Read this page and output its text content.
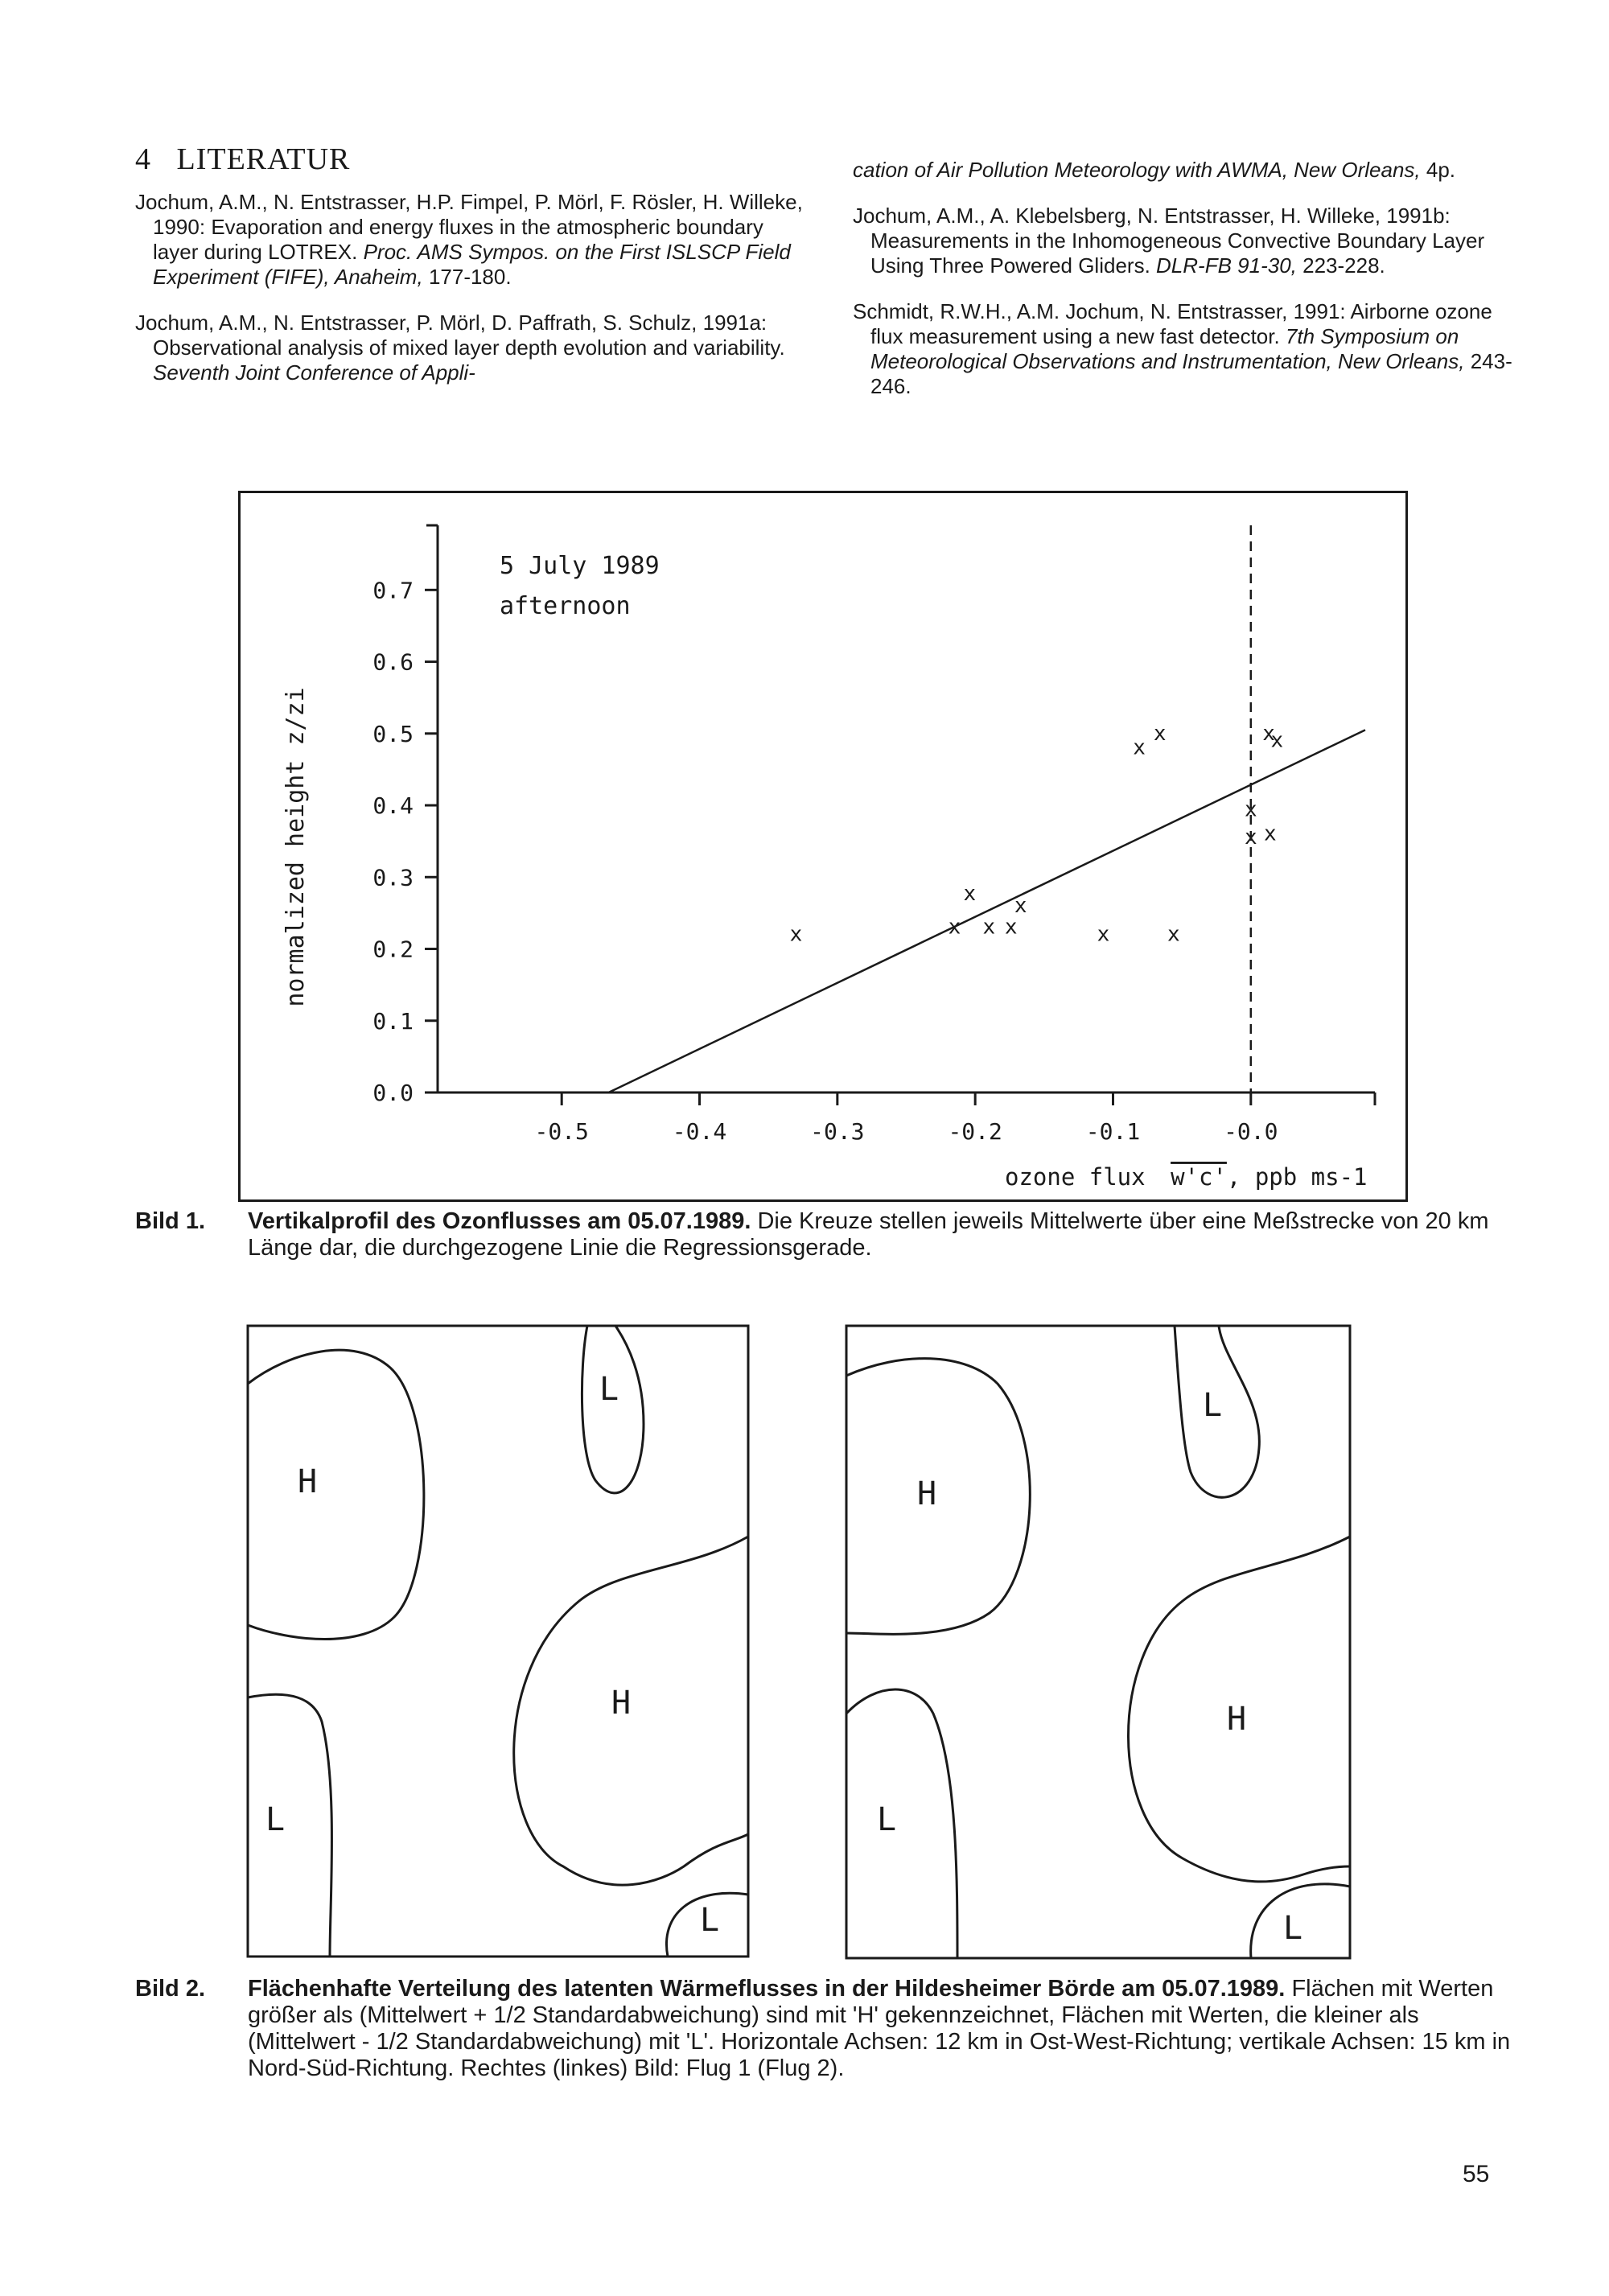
4 LITERATUR

Jochum, A.M., N. Entstrasser, H.P. Fimpel, P. Mörl, F. Rösler, H. Willeke, 1990: Evaporation and energy fluxes in the atmospheric boundary layer during LOTREX. Proc. AMS Sympos. on the First ISLSCP Field Experiment (FIFE), Anaheim, 177-180.

Jochum, A.M., N. Entstrasser, P. Mörl, D. Paffrath, S. Schulz, 1991a: Observational analysis of mixed layer depth evolution and variability. Seventh Joint Conference of Appli-

cation of Air Pollution Meteorology with AWMA, New Orleans, 4p.

Jochum, A.M., A. Klebelsberg, N. Entstrasser, H. Willeke, 1991b: Measurements in the Inhomogeneous Convective Boundary Layer Using Three Powered Gliders. DLR-FB 91-30, 223-228.

Schmidt, R.W.H., A.M. Jochum, N. Entstrasser, 1991: Airborne ozone flux measurement using a new fast detector. 7th Symposium on Meteorological Observations and Instrumentation, New Orleans, 243-246.

normalized height z/zi
5 July 1989
afternoon
ozone flux w'c', ppb ms-1
0.0
0.1
0.2
0.3
0.4
0.5
0.6
0.7
-0.5	-0.4	-0.3	-0.2	-0.1	-0.0
x
x
x x x
x
x
x
x
x
x
x x
x
x
Bild 1. Vertikalprofil des Ozonflusses am 05.07.1989. Die Kreuze stellen jeweils Mittelwerte über eine Meßstrecke von 20 km Länge dar, die durchgezogene Linie die Regressionsgerade.
L
H
H
L
L
L
H
H
L
L
Bild 2. Flächenhafte Verteilung des latenten Wärmeflusses in der Hildesheimer Börde am 05.07.1989. Flächen mit Werten größer als (Mittelwert + 1/2 Standardabweichung) sind mit 'H' gekennzeichnet, Flächen mit Werten, die kleiner als (Mittelwert - 1/2 Standardabweichung) mit 'L'. Horizontale Achsen: 12 km in Ost-West-Richtung; vertikale Achsen: 15 km in Nord-Süd-Richtung. Rechtes (linkes) Bild: Flug 1 (Flug 2).
55
